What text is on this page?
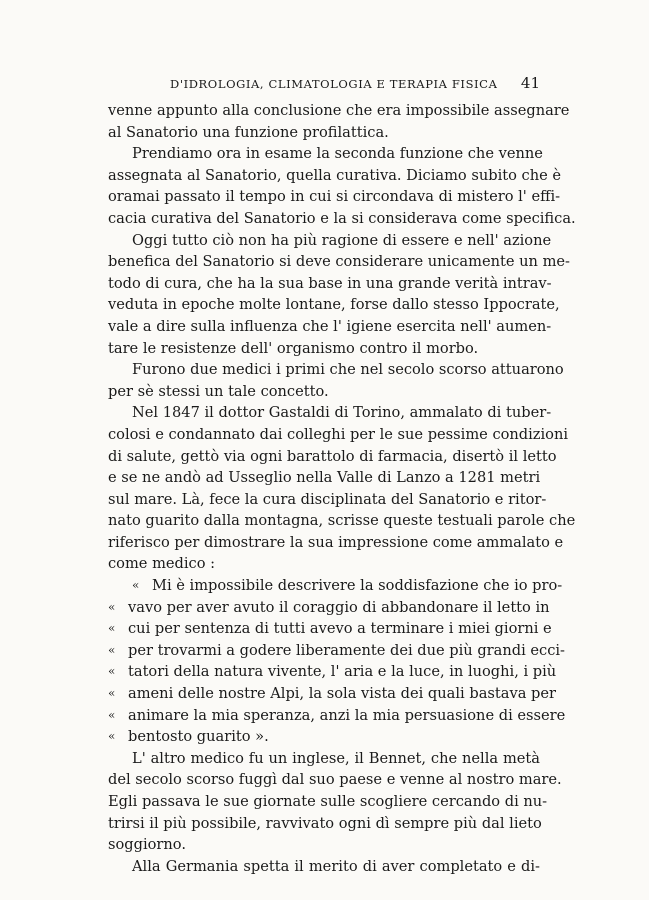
D'IDROLOGIA, CLIMATOLOGIA E TERAPIA FISICA 41
venne appunto alla conclusione che era impossibile assegnare
al Sanatorio una funzione profilattica.
Prendiamo ora in esame la seconda funzione che venne
assegnata al Sanatorio, quella curativa. Diciamo subito che è
oramai passato il tempo in cui si circondava di mistero l' effi-
cacia curativa del Sanatorio e la si considerava come specifica.
Oggi tutto ciò non ha più ragione di essere e nell' azione
benefica del Sanatorio si deve considerare unicamente un me-
todo di cura, che ha la sua base in una grande verità intrav-
veduta in epoche molte lontane, forse dallo stesso Ippocrate,
vale a dire sulla influenza che l' igiene esercita nell' aumen-
tare le resistenze dell' organismo contro il morbo.
Furono due medici i primi che nel secolo scorso attuarono
per sè stessi un tale concetto.
Nel 1847 il dottor Gastaldi di Torino, ammalato di tuber-
colosi e condannato dai colleghi per le sue pessime condizioni
di salute, gettò via ogni barattolo di farmacia, disertò il letto
e se ne andò ad Usseglio nella Valle di Lanzo a 1281 metri
sul mare. Là, fece la cura disciplinata del Sanatorio e ritor-
nato guarito dalla montagna, scrisse queste testuali parole che
riferisco per dimostrare la sua impressione come ammalato e
come medico :
« Mi è impossibile descrivere la soddisfazione che io pro-
« vavo per aver avuto il coraggio di abbandonare il letto in
« cui per sentenza di tutti avevo a terminare i miei giorni e
« per trovarmi a godere liberamente dei due più grandi ecci-
« tatori della natura vivente, l' aria e la luce, in luoghi, i più
« ameni delle nostre Alpi, la sola vista dei quali bastava per
« animare la mia speranza, anzi la mia persuasione di essere
« bentosto guarito ».
L' altro medico fu un inglese, il Bennet, che nella metà
del secolo scorso fuggì dal suo paese e venne al nostro mare.
Egli passava le sue giornate sulle scogliere cercando di nu-
trirsi il più possibile, ravvivato ogni dì sempre più dal lieto
soggiorno.
Alla Germania spetta il merito di aver completato e di-
